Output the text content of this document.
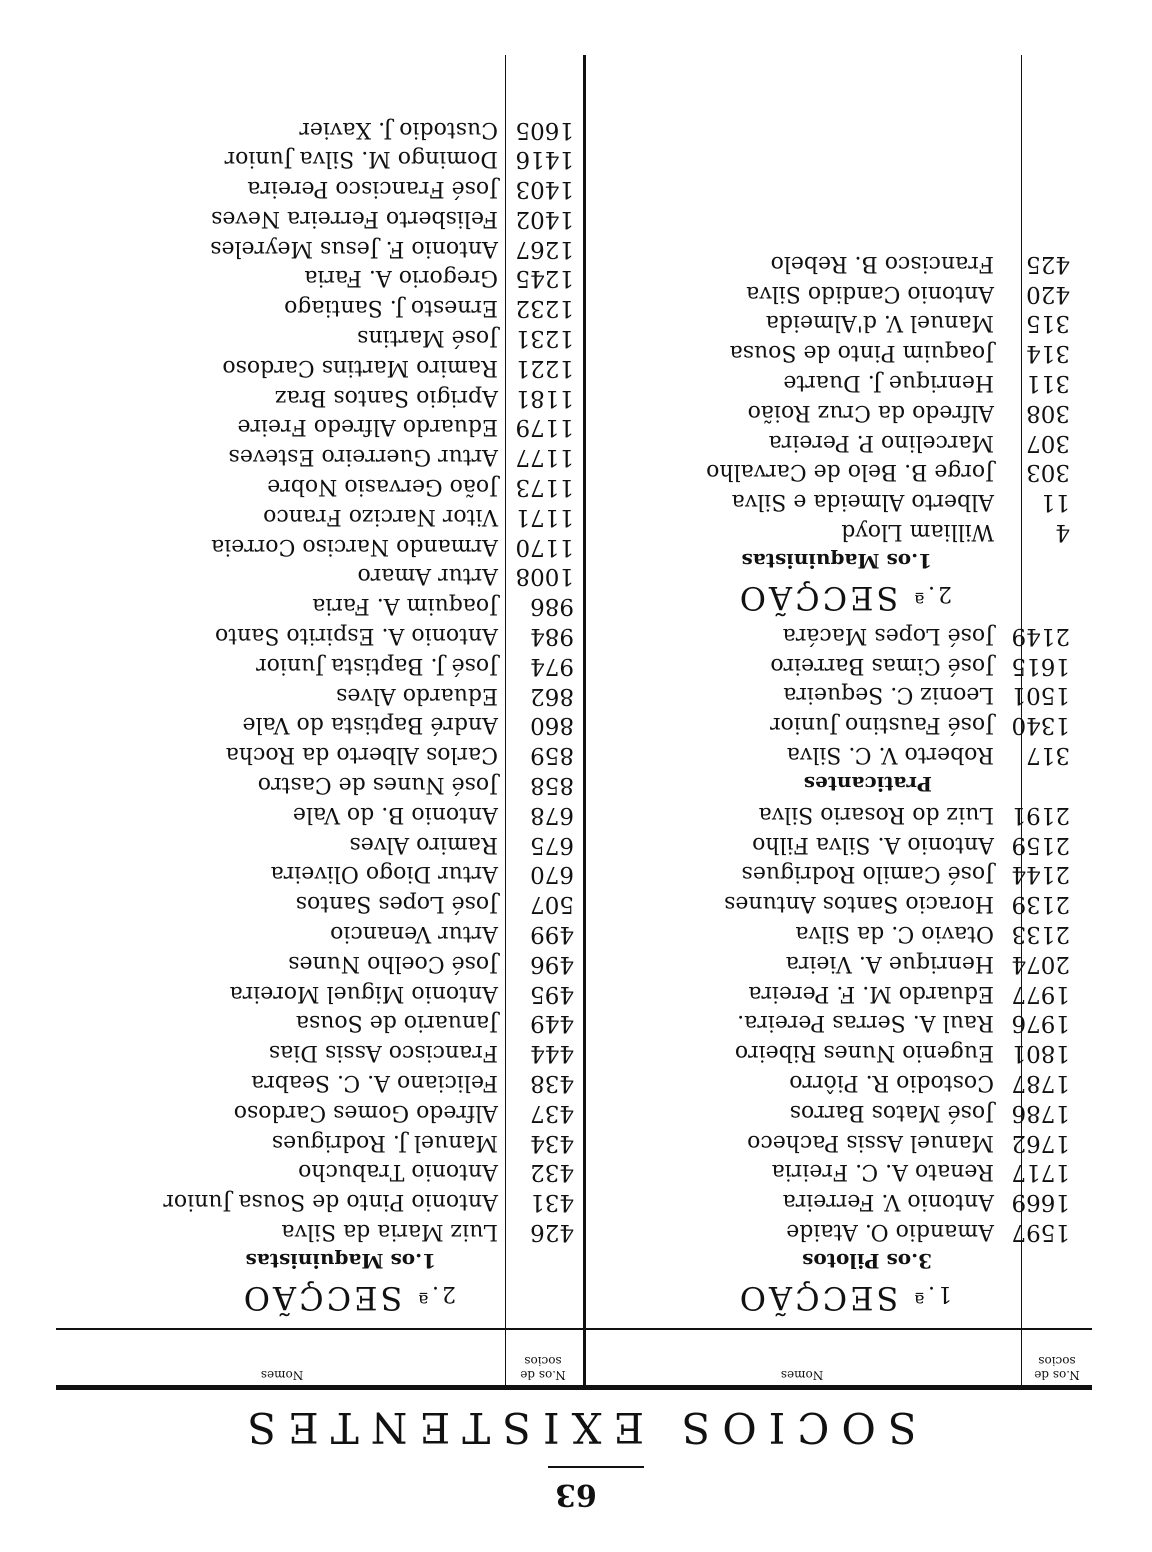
63
SOCIOS EXISTENTES
N.os de socios
Nomes
N.os de socios
Nomes
1.ª SECÇÃO
3.os Pilotos
1597
Amandio O. Ataide
1669
Antonio V. Ferreira
1717
Renato A. C. Freiria
1762
Manuel Assis Pacheco
1786
José Matos Barros
1787
Costodio R. Piôrro
1801
Eugenio Nunes Ribeiro
1976
Raul A. Serras Pereira.
1977
Eduardo M. F. Pereira
2074
Henrique A. Vieira
2133
Otavio C. da Silva
2139
Horacio Santos Antunes
2144
José Camilo Rodrigues
2159
Antonio A. Silva Filho
2191
Luiz do Rosario Silva
Praticantes
317
Roberto V. C. Silva
1340
José Faustino Junior
1501
Leoniz C. Sequeira
1615
José Cimas Barreiro
2149
José Lopes Macára
2.ª SECÇÃO
1.os Maquinistas
4
William Lloyd
11
Alberto Almeida e Silva
303
Jorge B. Belo de Carvalho
307
Marcelino P. Pereira
308
Alfredo da Cruz Roião
311
Henrique J. Duarte
314
Joaquim Pinto de Sousa
315
Manuel V. d'Almeida
420
Antonio Candido Silva
425
Francisco B. Rebelo
2.ª SECÇÃO
1.os Maquinistas
426
Luiz Maria da Silva
431
Antonio Pinto de Sousa Junior
432
Antonio Trabucho
434
Manuel J. Rodrigues
437
Alfredo Gomes Cardoso
438
Feliciano A. C. Seabra
444
Francisco Assis Dias
449
Januario de Sousa
495
Antonio Miguel Moreira
496
José Coelho Nunes
499
Artur Venancio
507
José Lopes Santos
670
Artur Diogo Oliveira
675
Ramiro Alves
678
Antonio B. do Vale
858
José Nunes de Castro
859
Carlos Alberto da Rocha
860
André Baptista do Vale
862
Eduardo Alves
974
José J. Baptista Junior
984
Antonio A. Espirito Santo
986
Joaquim A. Faria
1008
Artur Amaro
1170
Armando Narciso Correia
1171
Vitor Narcizo Franco
1173
João Gervasio Nobre
1177
Artur Guerreiro Esteves
1179
Eduardo Alfredo Freire
1181
Aprigio Santos Braz
1221
Ramiro Martins Cardoso
1231
José Martins
1232
Ernesto J. Santiago
1245
Gregorio A. Faria
1267
Antonio F. Jesus Meyreles
1402
Felisberto Ferreira Neves
1403
José Francisco Pereira
1416
Domingo M. Silva Junior
1605
Custodio J. Xavier
